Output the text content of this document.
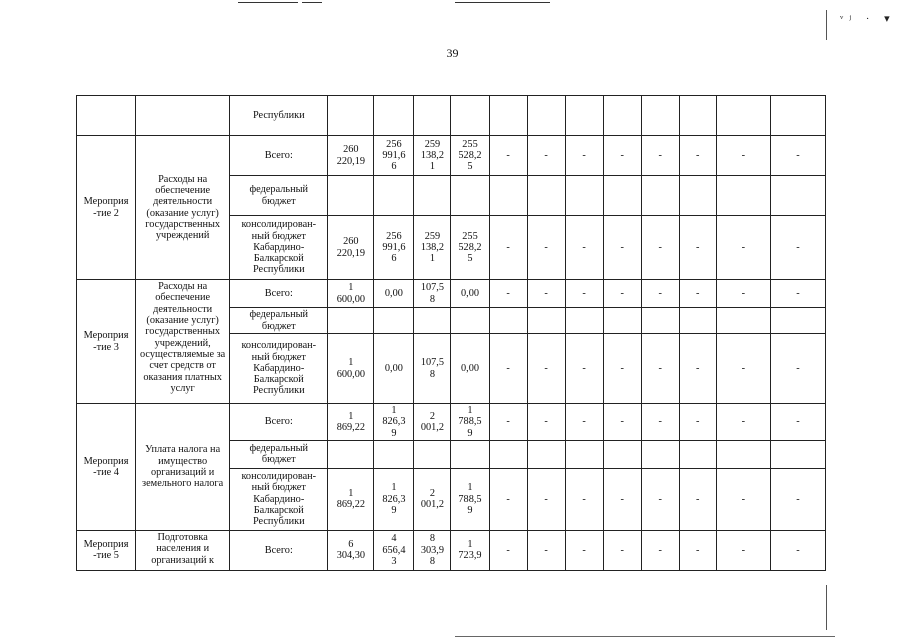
ᵛʲ · ▾
39
		Республики												
Мероприя
-тие 2	Расходы на обеспечение деятельности (оказание услуг) государственных учреждений	Всего:	260
220,19	256
991,6
6	259
138,2
1	255
528,2
5	-	-	-	-	-	-	-	-
		федеральный
бюджет												
		консолидирован-
ный бюджет
Кабардино-
Балкарской
Республики	260
220,19	256
991,6
6	259
138,2
1	255
528,2
5	-	-	-	-	-	-	-	-
Мероприя
-тие 3	Расходы на обеспечение деятельности (оказание услуг) государственных учреждений, осуществляемые за счет средств от оказания платных услуг	Всего:	1
600,00	0,00	107,5
8	0,00	-	-	-	-	-	-	-	-
		федеральный
бюджет												
		консолидирован-
ный бюджет
Кабардино-
Балкарской
Республики	1
600,00	0,00	107,5
8	0,00	-	-	-	-	-	-	-	-
Мероприя
-тие 4	Уплата налога на имущество организаций и земельного налога	Всего:	1
869,22	1
826,3
9	2
001,2	1
788,5
9	-	-	-	-	-	-	-	-
		федеральный
бюджет												
		консолидирован-
ный бюджет
Кабардино-
Балкарской
Республики	1
869,22	1
826,3
9	2
001,2	1
788,5
9	-	-	-	-	-	-	-	-
Мероприя
-тие 5	Подготовка населения и организаций к	Всего:	6
304,30	4
656,4
3	8
303,9
8	1
723,9	-	-	-	-	-	-	-	-
